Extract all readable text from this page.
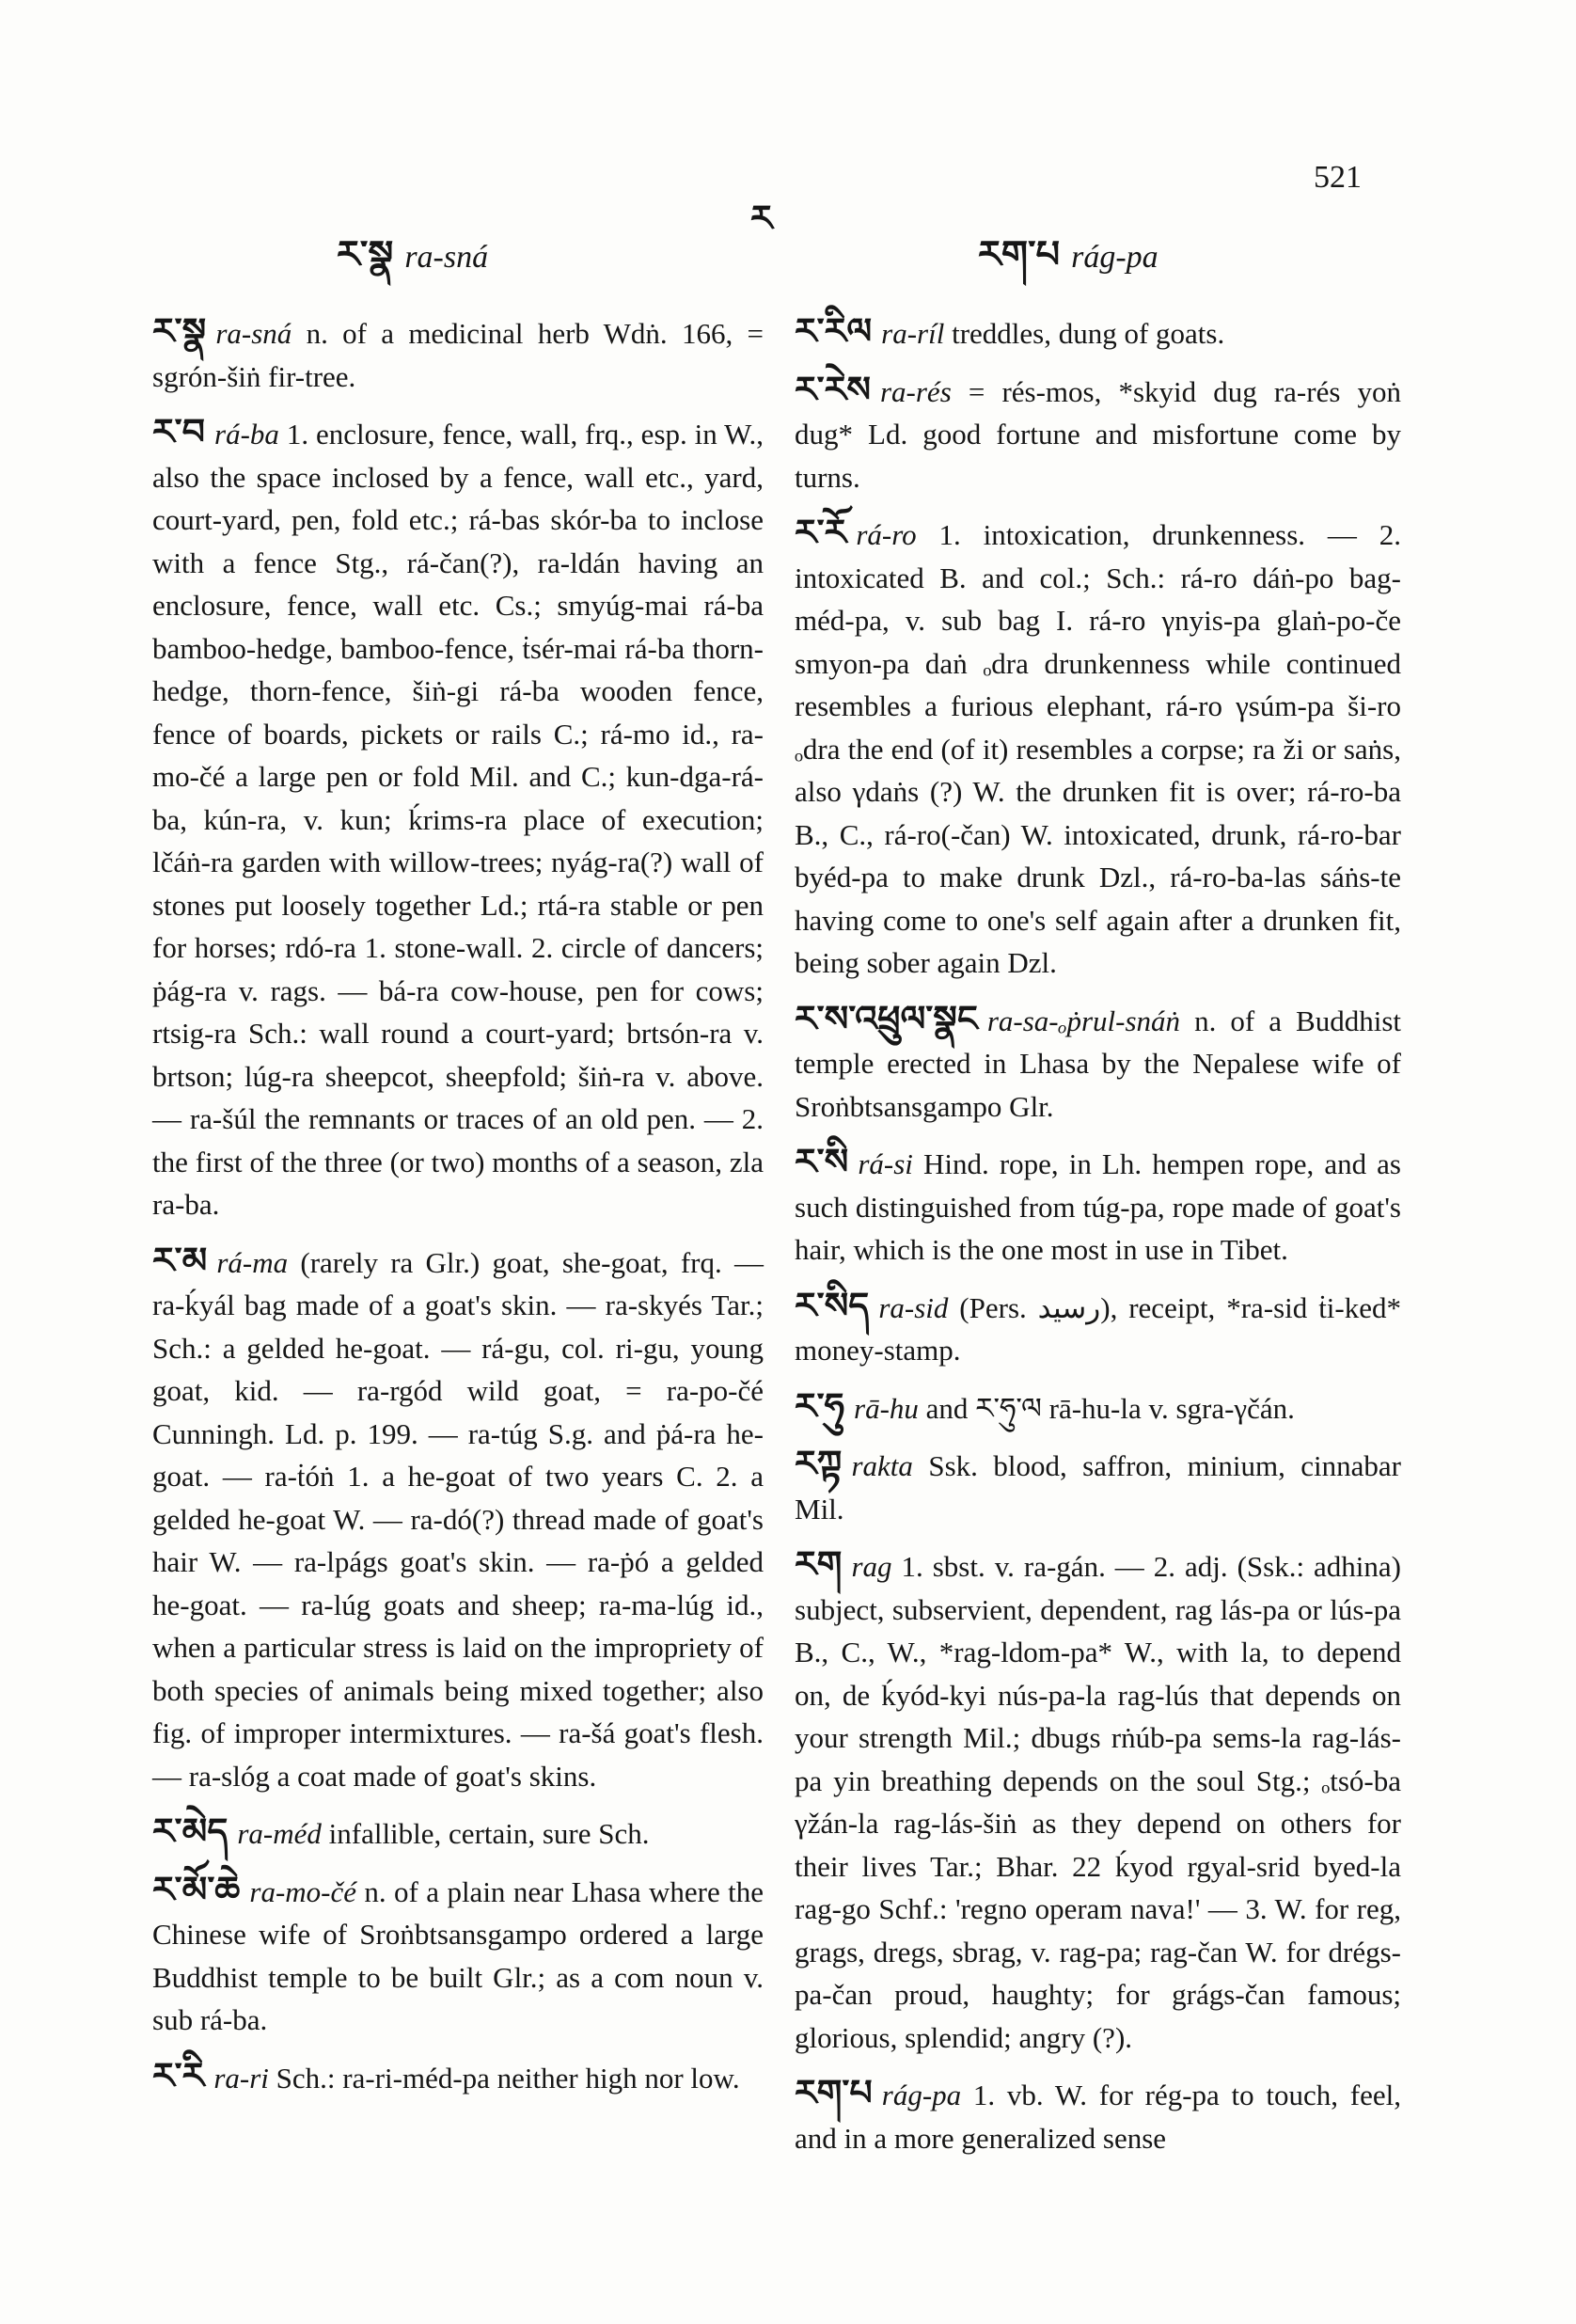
521
ར
ར་སྣ ra-sná	རག་པ rág-pa

ར་སྣ ra-sná n. of a medicinal herb Wdṅ. 166, = sgrón-šiṅ fir-tree.

ར་བ rá-ba 1. enclosure, fence, wall, frq., esp. in W., also the space inclosed by a fence, wall etc., yard, court-yard, pen, fold etc.; rá-bas skór-ba to inclose with a fence Stg., rá-čan(?), ra-ldán having an enclosure, fence, wall etc. Cs.; smyúg-mai rá-ba bamboo-hedge, bamboo-fence, ṫsér-mai rá-ba thorn-hedge, thorn-fence, šiṅ-gi rá-ba wooden fence, fence of boards, pickets or rails C.; rá-mo id., ra-mo-čé a large pen or fold Mil. and C.; kun-dga-rá-ba, kún-ra, v. kun; ḱrims-ra place of execution; lčáṅ-ra garden with willow-trees; nyág-ra(?) wall of stones put loosely together Ld.; rtá-ra stable or pen for horses; rdó-ra 1. stone-wall. 2. circle of dancers; ṗág-ra v. rags. — bá-ra cow-house, pen for cows; rtsig-ra Sch.: wall round a court-yard; brtsón-ra v. brtson; lúg-ra sheepcot, sheepfold; šiṅ-ra v. above. — ra-šúl the remnants or traces of an old pen. — 2. the first of the three (or two) months of a season, zla ra-ba.

ར་མ rá-ma (rarely ra Glr.) goat, she-goat, frq. — ra-ḱyál bag made of a goat's skin. — ra-skyés Tar.; Sch.: a gelded he-goat. — rá-gu, col. ri-gu, young goat, kid. — ra-rgód wild goat, = ra-po-čé Cunningh. Ld. p. 199. — ra-túg S.g. and ṗá-ra he-goat. — ra-ṫóṅ 1. a he-goat of two years C. 2. a gelded he-goat W. — ra-dó(?) thread made of goat's hair W. — ra-lpágs goat's skin. — ra-ṗó a gelded he-goat. — ra-lúg goats and sheep; ra-ma-lúg id., when a particular stress is laid on the impropriety of both species of animals being mixed together; also fig. of improper intermixtures. — ra-šá goat's flesh. — ra-slóg a coat made of goat's skins.

ར་མེད ra-méd infallible, certain, sure Sch.

ར་མོ་ཆེ ra-mo-čé n. of a plain near Lhasa where the Chinese wife of Sroṅbtsansgampo ordered a large Buddhist temple to be built Glr.; as a com noun v. sub rá-ba.

ར་རི ra-ri Sch.: ra-ri-méd-pa neither high nor low.

ར་རིལ ra-ríl treddles, dung of goats.

ར་རེས ra-rés = rés-mos, *skyid dug ra-rés yoṅ dug* Ld. good fortune and misfortune come by turns.

ར་རོ rá-ro 1. intoxication, drunkenness. — 2. intoxicated B. and col.; Sch.: rá-ro dáṅ-po bag-méd-pa, v. sub bag I. rá-ro γnyis-pa glaṅ-po-če smyon-pa daṅ ₒdra drunkenness while continued resembles a furious elephant, rá-ro γsúm-pa ši-ro ₒdra the end (of it) resembles a corpse; ra ži or saṅs, also γdaṅs (?) W. the drunken fit is over; rá-ro-ba B., C., rá-ro(-čan) W. intoxicated, drunk, rá-ro-bar byéd-pa to make drunk Dzl., rá-ro-ba-las sáṅs-te having come to one's self again after a drunken fit, being sober again Dzl.

ར་ས་འཕྲུལ་སྣང ra-sa-ₒṗrul-snáṅ n. of a Buddhist temple erected in Lhasa by the Nepalese wife of Sroṅbtsansgampo Glr.

ར་སི rá-si Hind. rope, in Lh. hempen rope, and as such distinguished from túg-pa, rope made of goat's hair, which is the one most in use in Tibet.

ར་སིད ra-sid (Pers. رسيد), receipt, *ra-sid ṫi-ked* money-stamp.

ར་ཧུ rā-hu and ར་ཧུ་ལ rā-hu-la v. sgra-γčán.

རཀྟ rakta Ssk. blood, saffron, minium, cinnabar Mil.

རག rag 1. sbst. v. ra-gán. — 2. adj. (Ssk.: adhina) subject, subservient, dependent, rag lás-pa or lús-pa B., C., W., *rag-ldom-pa* W., with la, to depend on, de ḱyód-kyi nús-pa-la rag-lús that depends on your strength Mil.; dbugs rṅúb-pa sems-la rag-lás-pa yin breathing depends on the soul Stg.; ₒtsó-ba γžán-la rag-lás-šiṅ as they depend on others for their lives Tar.; Bhar. 22 ḱyod rgyal-srid byed-la rag-go Schf.: 'regno operam nava!' — 3. W. for reg, grags, dregs, sbrag, v. rag-pa; rag-čan W. for drégs-pa-čan proud, haughty; for grágs-čan famous; glorious, splendid; angry (?).

རག་པ rág-pa 1. vb. W. for rég-pa to touch, feel, and in a more generalized sense
